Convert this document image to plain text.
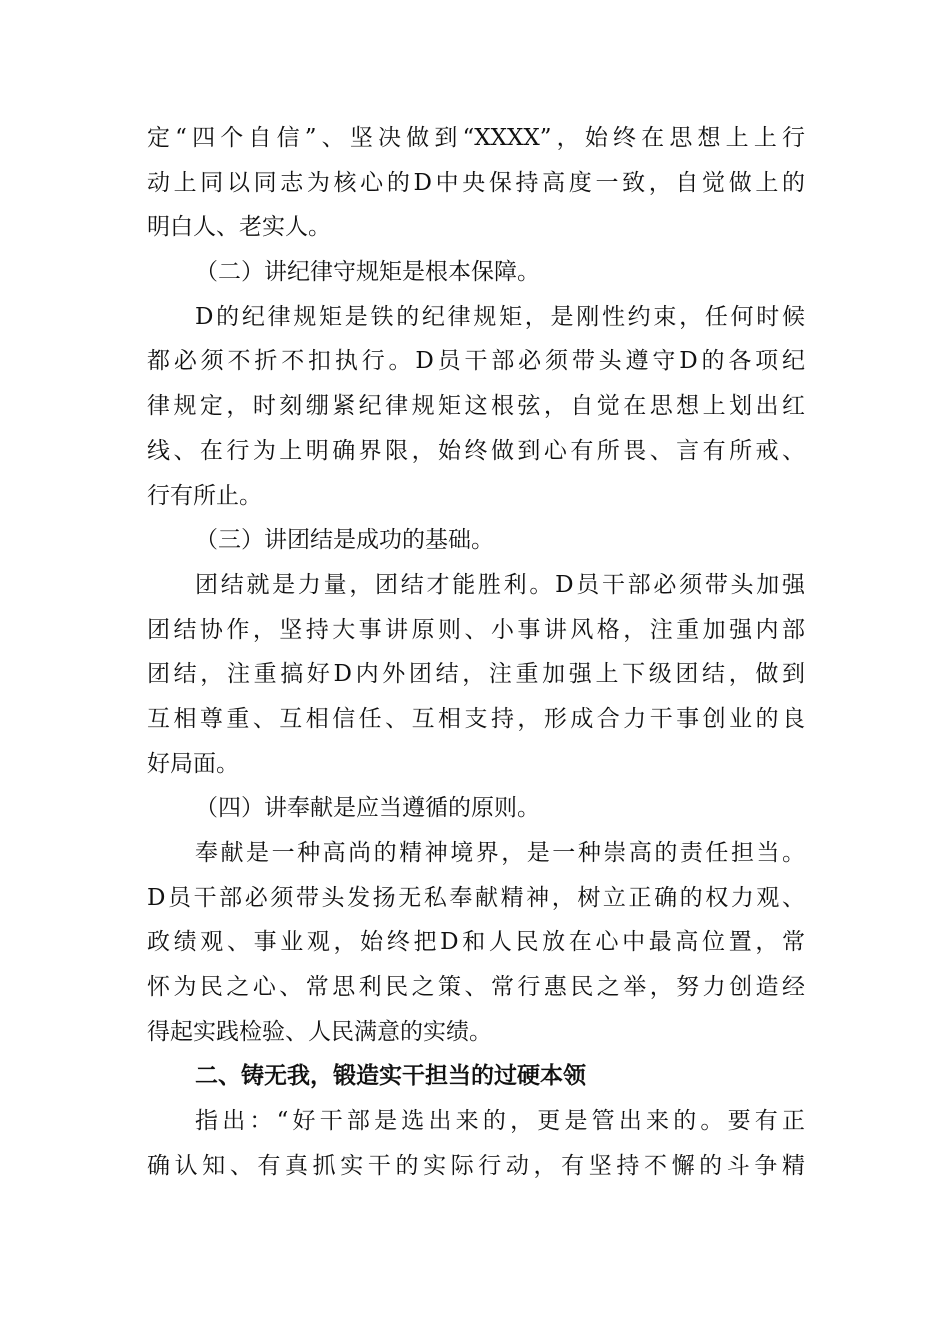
定“四个自信”、坚决做到“XXXX”，始终在思想上上行
动上同以同志为核心的D中央保持高度一致，自觉做上的
明白人、老实人。
（二）讲纪律守规矩是根本保障。
D的纪律规矩是铁的纪律规矩，是刚性约束，任何时候
都必须不折不扣执行。D员干部必须带头遵守D的各项纪
律规定，时刻绷紧纪律规矩这根弦，自觉在思想上划出红
线、在行为上明确界限，始终做到心有所畏、言有所戒、
行有所止。
（三）讲团结是成功的基础。
团结就是力量，团结才能胜利。D员干部必须带头加强
团结协作，坚持大事讲原则、小事讲风格，注重加强内部
团结，注重搞好D内外团结，注重加强上下级团结，做到
互相尊重、互相信任、互相支持，形成合力干事创业的良
好局面。
（四）讲奉献是应当遵循的原则。
奉献是一种高尚的精神境界，是一种崇高的责任担当。
D员干部必须带头发扬无私奉献精神，树立正确的权力观、
政绩观、事业观，始终把D和人民放在心中最高位置，常
怀为民之心、常思利民之策、常行惠民之举，努力创造经
得起实践检验、人民满意的实绩。
二、铸无我，锻造实干担当的过硬本领
指出：“好干部是选出来的，更是管出来的。要有正
确认知、有真抓实干的实际行动，有坚持不懈的斗争精
